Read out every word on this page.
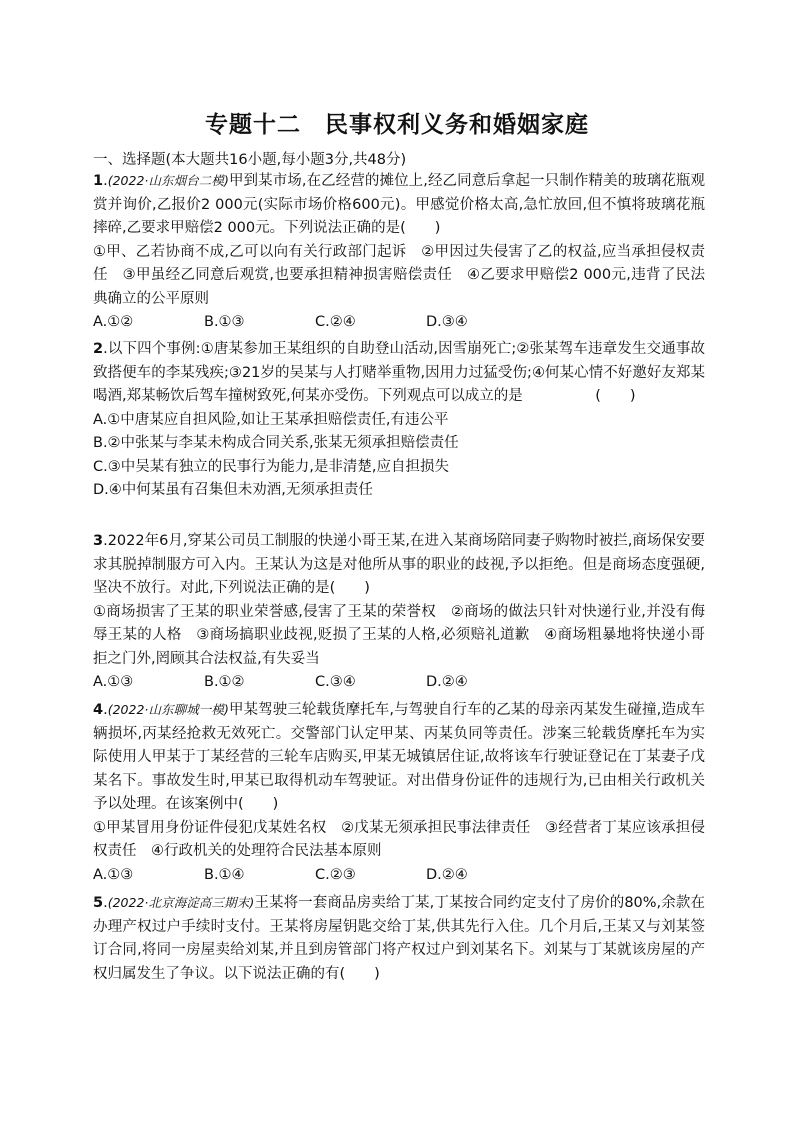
专题十二　民事权利义务和婚姻家庭
一、选择题(本大题共16小题,每小题3分,共48分)

1.(2022·山东烟台二模)甲到某市场,在乙经营的摊位上,经乙同意后拿起一只制作精美的玻璃花瓶观赏并询价,乙报价2 000元(实际市场价格600元)。甲感觉价格太高,急忙放回,但不慎将玻璃花瓶摔碎,乙要求甲赔偿2 000元。下列说法正确的是(　　)

①甲、乙若协商不成,乙可以向有关行政部门起诉　②甲因过失侵害了乙的权益,应当承担侵权责任　③甲虽经乙同意后观赏,也要承担精神损害赔偿责任　④乙要求甲赔偿2 000元,违背了民法典确立的公平原则

A.①②	B.①③	C.②④	D.③④

2.以下四个事例:①唐某参加王某组织的自助登山活动,因雪崩死亡;②张某驾车违章发生交通事故致搭便车的李某残疾;③21岁的吴某与人打赌举重物,因用力过猛受伤;④何某心情不好邀好友郑某喝酒,郑某畅饮后驾车撞树致死,何某亦受伤。下列观点可以成立的是　　　　　(　　)

A.①中唐某应自担风险,如让王某承担赔偿责任,有违公平

B.②中张某与李某未构成合同关系,张某无须承担赔偿责任

C.③中吴某有独立的民事行为能力,是非清楚,应自担损失

D.④中何某虽有召集但未劝酒,无须承担责任

3.2022年6月,穿某公司员工制服的快递小哥王某,在进入某商场陪同妻子购物时被拦,商场保安要求其脱掉制服方可入内。王某认为这是对他所从事的职业的歧视,予以拒绝。但是商场态度强硬,坚决不放行。对此,下列说法正确的是(　　)

①商场损害了王某的职业荣誉感,侵害了王某的荣誉权　②商场的做法只针对快递行业,并没有侮辱王某的人格　③商场搞职业歧视,贬损了王某的人格,必须赔礼道歉　④商场粗暴地将快递小哥拒之门外,罔顾其合法权益,有失妥当

A.①③	B.①②	C.③④	D.②④

4.(2022·山东聊城一模)甲某驾驶三轮载货摩托车,与驾驶自行车的乙某的母亲丙某发生碰撞,造成车辆损坏,丙某经抢救无效死亡。交警部门认定甲某、丙某负同等责任。涉案三轮载货摩托车为实际使用人甲某于丁某经营的三轮车店购买,甲某无城镇居住证,故将该车行驶证登记在丁某妻子戊某名下。事故发生时,甲某已取得机动车驾驶证。对出借身份证件的违规行为,已由相关行政机关予以处理。在该案例中(　　)

①甲某冒用身份证件侵犯戊某姓名权　②戊某无须承担民事法律责任　③经营者丁某应该承担侵权责任　④行政机关的处理符合民法基本原则

A.①③	B.①④	C.②③	D.②④

5.(2022·北京海淀高三期末)王某将一套商品房卖给丁某,丁某按合同约定支付了房价的80%,余款在办理产权过户手续时支付。王某将房屋钥匙交给丁某,供其先行入住。几个月后,王某又与刘某签订合同,将同一房屋卖给刘某,并且到房管部门将产权过户到刘某名下。刘某与丁某就该房屋的产权归属发生了争议。以下说法正确的有(　　)
